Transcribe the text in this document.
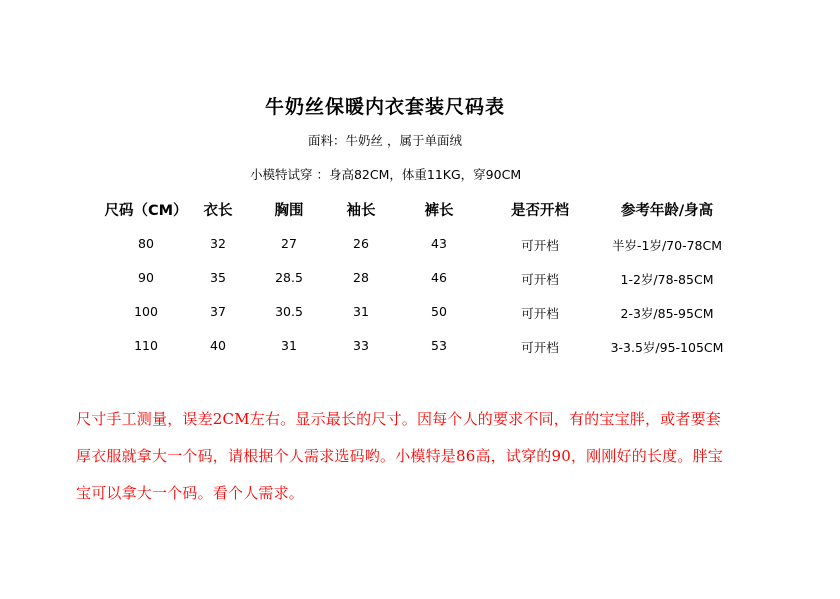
牛奶丝保暖内衣套装尺码表
面料：牛奶丝 ，属于单面绒
小模特试穿 ：身高82CM，体重11KG，穿90CM
尺码（CM） 衣长	胸围	袖长	裤长	是否开档	参考年龄/身高
80	32	27	26	43	可开档	半岁-1岁/70-78CM
90	35	28.5	28	46	可开档	1-2岁/78-85CM
100	37	30.5	31	50	可开档	2-3岁/85-95CM
110	40	31	33	53	可开档	3-3.5岁/95-105CM
尺寸手工测量，误差2CM左右。显示最长的尺寸。因每个人的要求不同，有的宝宝胖，或者要套
厚衣服就拿大一个码，请根据个人需求选码哟。小模特是86高，试穿的90，刚刚好的长度。胖宝
宝可以拿大一个码。看个人需求。
